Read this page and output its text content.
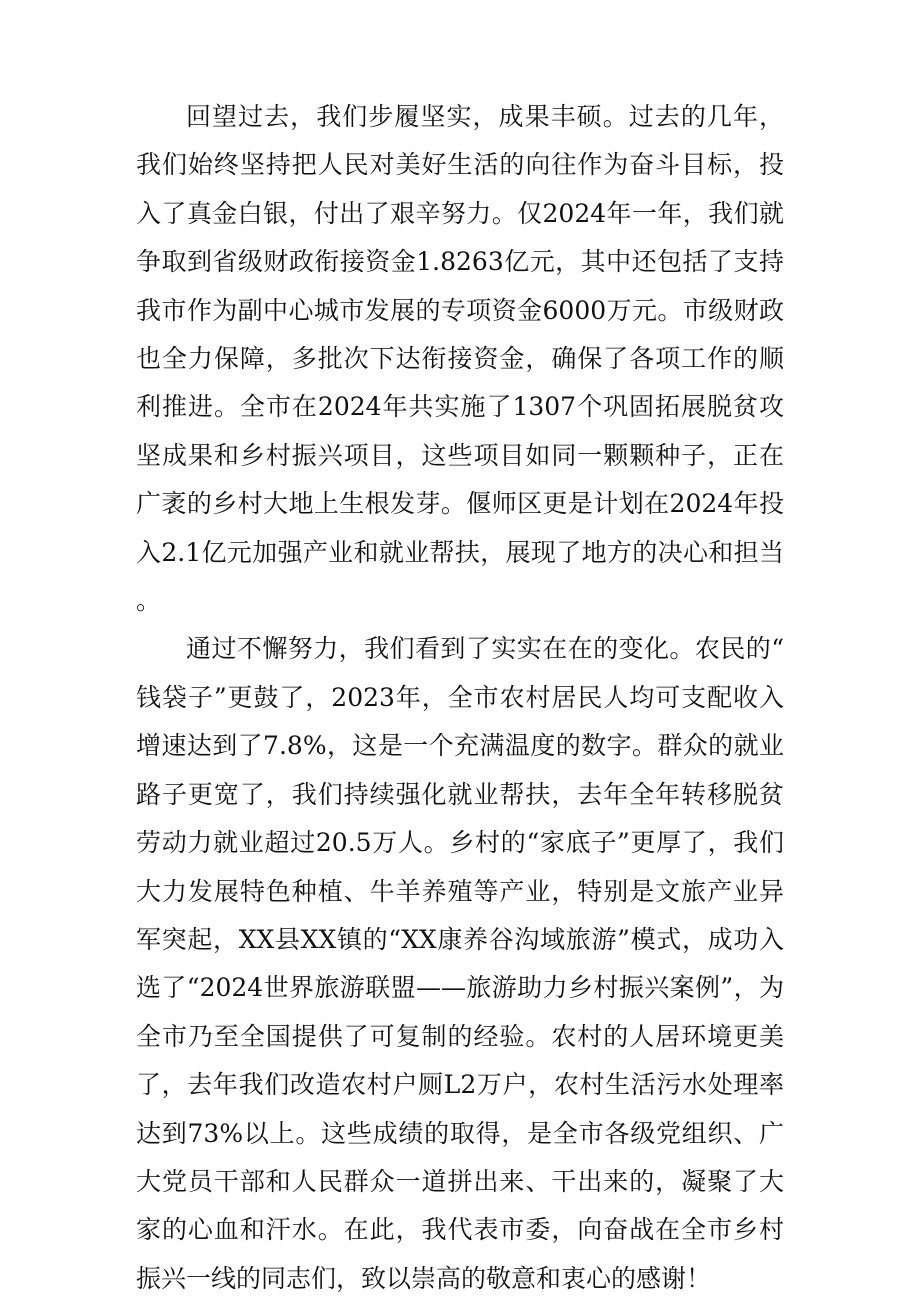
回望过去，我们步履坚实，成果丰硕。过去的几年，我们始终坚持把人民对美好生活的向往作为奋斗目标，投入了真金白银，付出了艰辛努力。仅2024年一年，我们就争取到省级财政衔接资金1.8263亿元，其中还包括了支持我市作为副中心城市发展的专项资金6000万元。市级财政也全力保障，多批次下达衔接资金，确保了各项工作的顺利推进。全市在2024年共实施了1307个巩固拓展脱贫攻坚成果和乡村振兴项目，这些项目如同一颗颗种子，正在广袤的乡村大地上生根发芽。偃师区更是计划在2024年投入2.1亿元加强产业和就业帮扶，展现了地方的决心和担当。

通过不懈努力，我们看到了实实在在的变化。农民的“钱袋子”更鼓了，2023年，全市农村居民人均可支配收入增速达到了7.8%，这是一个充满温度的数字。群众的就业路子更宽了，我们持续强化就业帮扶，去年全年转移脱贫劳动力就业超过20.5万人。乡村的“家底子”更厚了，我们大力发展特色种植、牛羊养殖等产业，特别是文旅产业异军突起，XX县XX镇的“XX康养谷沟域旅游”模式，成功入选了“2024世界旅游联盟——旅游助力乡村振兴案例”，为全市乃至全国提供了可复制的经验。农村的人居环境更美了，去年我们改造农村户厕L2万户，农村生活污水处理率达到73%以上。这些成绩的取得，是全市各级党组织、广大党员干部和人民群众一道拼出来、干出来的，凝聚了大家的心血和汗水。在此，我代表市委，向奋战在全市乡村振兴一线的同志们，致以崇高的敬意和衷心的感谢！
